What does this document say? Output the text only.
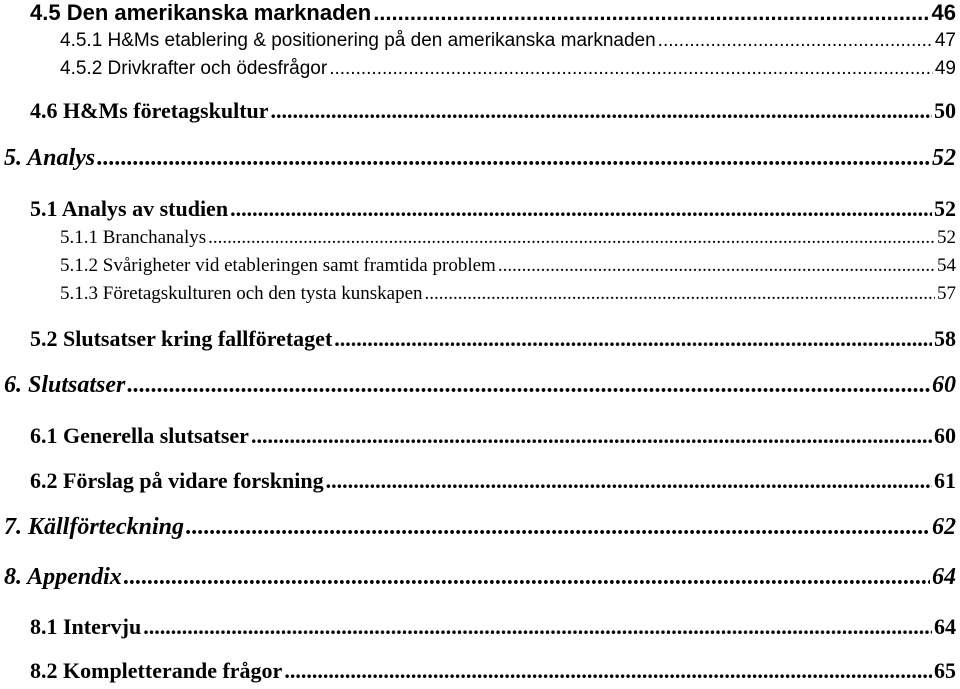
4.5 Den amerikanska marknaden .....	46
4.5.1 H&Ms etablering & positionering på den amerikanska marknaden .....	47
4.5.2 Drivkrafter och ödesfrågor .....	49
4.6 H&Ms företagskultur .....	50
5. Analys .....	52
5.1 Analys av studien .....	52
5.1.1 Branchanalys .....	52
5.1.2 Svårigheter vid etableringen samt framtida problem .....	54
5.1.3 Företagskulturen och den tysta kunskapen .....	57
5.2 Slutsatser kring fallföretaget .....	58
6. Slutsatser .....	60
6.1 Generella slutsatser .....	60
6.2 Förslag på vidare forskning .....	61
7. Källförteckning .....	62
8. Appendix .....	64
8.1 Intervju .....	64
8.2 Kompletterande frågor .....	65
